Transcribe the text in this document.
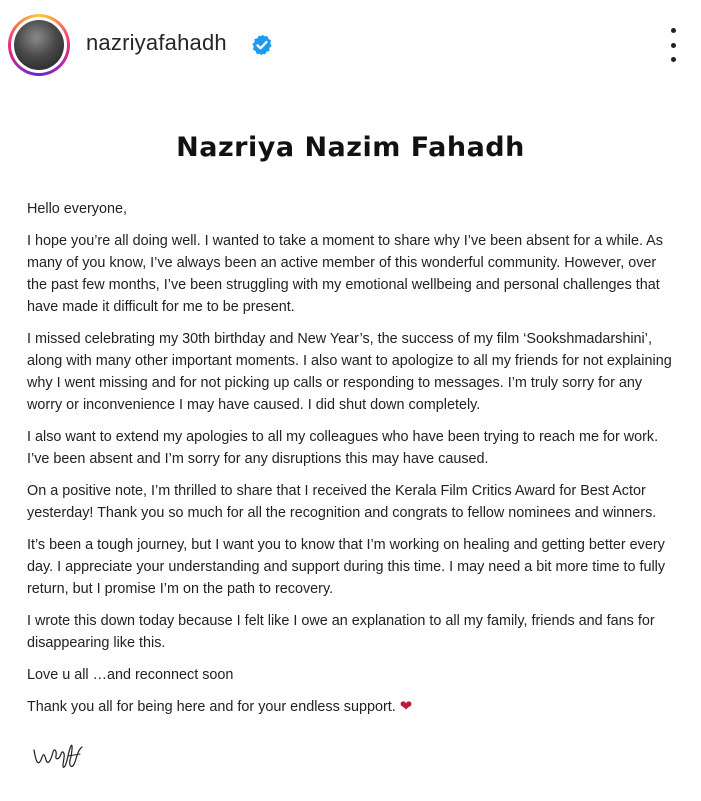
nazriyafahadh
Nazriya Nazim Fahadh

Hello everyone,

I hope you’re all doing well. I wanted to take a moment to share why I’ve been absent for a while. As many of you know, I’ve always been an active member of this wonderful community. However, over the past few months, I’ve been struggling with my emotional wellbeing and personal challenges that have made it difficult for me to be present.

I missed celebrating my 30th birthday and New Year’s, the success of my film ‘Sookshmadarshini’, along with many other important moments. I also want to apologize to all my friends for not explaining why I went missing and for not picking up calls or responding to messages. I’m truly sorry for any worry or inconvenience I may have caused. I did shut down completely.

I also want to extend my apologies to all my colleagues who have been trying to reach me for work. I’ve been absent and I’m sorry for any disruptions this may have caused.

On a positive note, I’m thrilled to share that I received the Kerala Film Critics Award for Best Actor yesterday! Thank you so much for all the recognition and congrats to fellow nominees and winners.

It’s been a tough journey, but I want you to know that I’m working on healing and getting better every day. I appreciate your understanding and support during this time. I may need a bit more time to fully return, but I promise I’m on the path to recovery.

I wrote this down today because I felt like I owe an explanation to all my family, friends and fans for disappearing like this.

Love u all …and reconnect soon

Thank you all for being here and for your endless support. ❤
